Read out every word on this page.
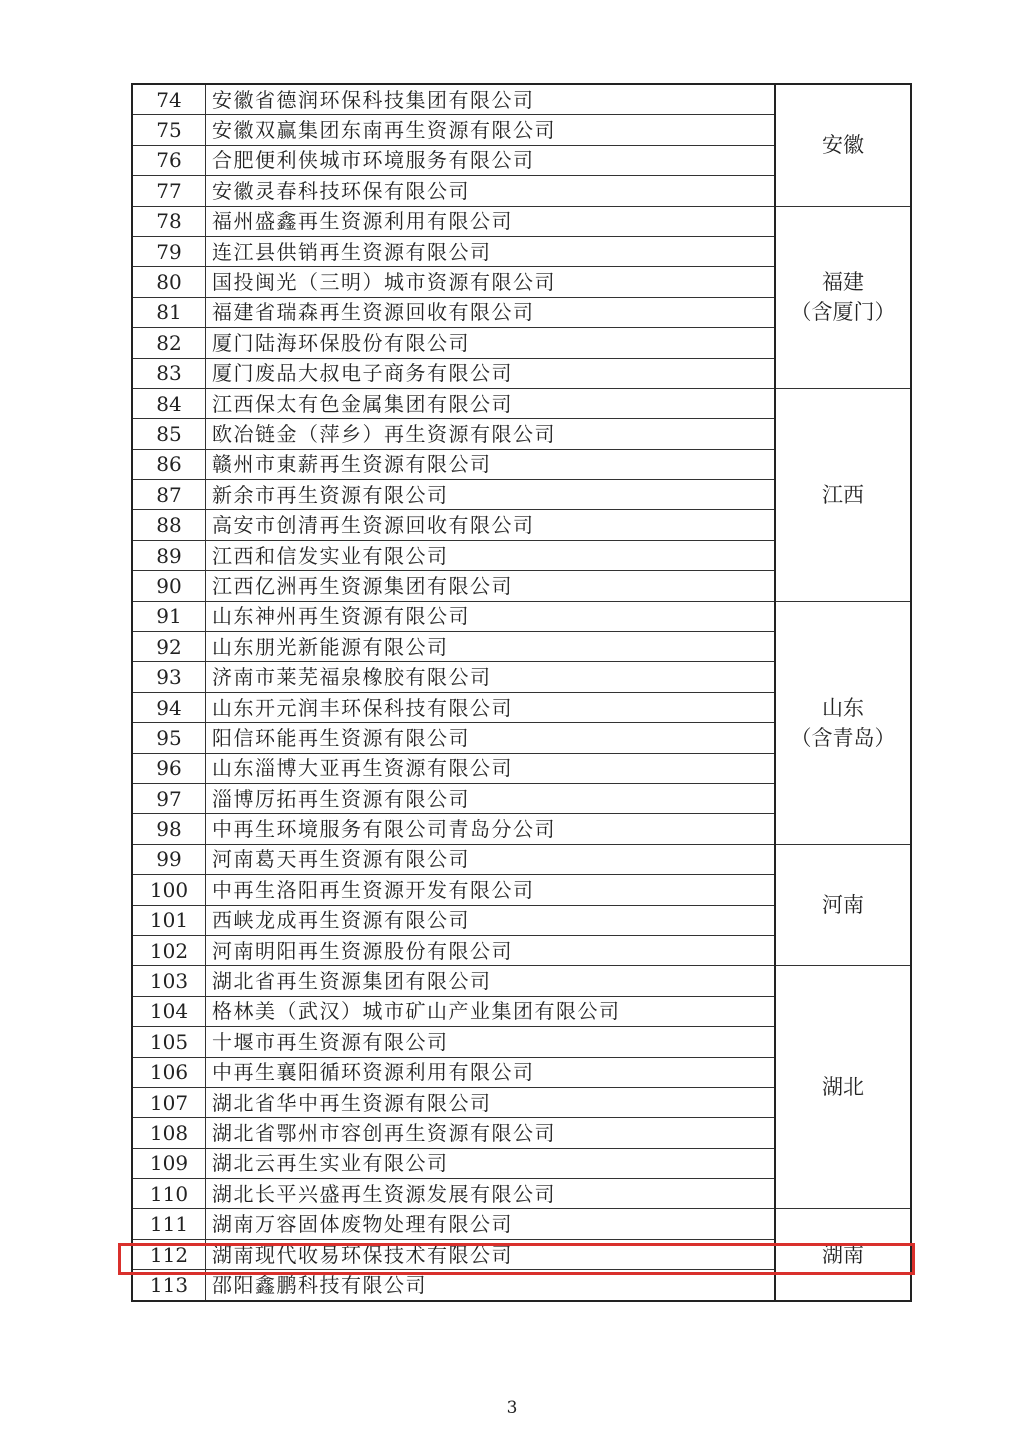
74	安徽省德润环保科技集团有限公司	安徽
75	安徽双赢集团东南再生资源有限公司	
76	合肥便利侠城市环境服务有限公司	
77	安徽灵春科技环保有限公司	
78	福州盛鑫再生资源利用有限公司	福建
（含厦门）
79	连江县供销再生资源有限公司	
80	国投闽光（三明）城市资源有限公司	
81	福建省瑞森再生资源回收有限公司	
82	厦门陆海环保股份有限公司	
83	厦门废品大叔电子商务有限公司	
84	江西保太有色金属集团有限公司	江西
85	欧冶链金（萍乡）再生资源有限公司	
86	赣州市東薪再生资源有限公司	
87	新余市再生资源有限公司	
88	高安市创清再生资源回收有限公司	
89	江西和信发实业有限公司	
90	江西亿洲再生资源集团有限公司	
91	山东神州再生资源有限公司	山东
（含青岛）
92	山东朋光新能源有限公司	
93	济南市莱芜福泉橡胶有限公司	
94	山东开元润丰环保科技有限公司	
95	阳信环能再生资源有限公司	
96	山东淄博大亚再生资源有限公司	
97	淄博厉拓再生资源有限公司	
98	中再生环境服务有限公司青岛分公司	
99	河南葛天再生资源有限公司	河南
100	中再生洛阳再生资源开发有限公司	
101	西峡龙成再生资源有限公司	
102	河南明阳再生资源股份有限公司	
103	湖北省再生资源集团有限公司	湖北
104	格林美（武汉）城市矿山产业集团有限公司	
105	十堰市再生资源有限公司	
106	中再生襄阳循环资源利用有限公司	
107	湖北省华中再生资源有限公司	
108	湖北省鄂州市容创再生资源有限公司	
109	湖北云再生实业有限公司	
110	湖北长平兴盛再生资源发展有限公司	
111	湖南万容固体废物处理有限公司	湖南
112	湖南现代收易环保技术有限公司	
113	邵阳鑫鹏科技有限公司	
3
